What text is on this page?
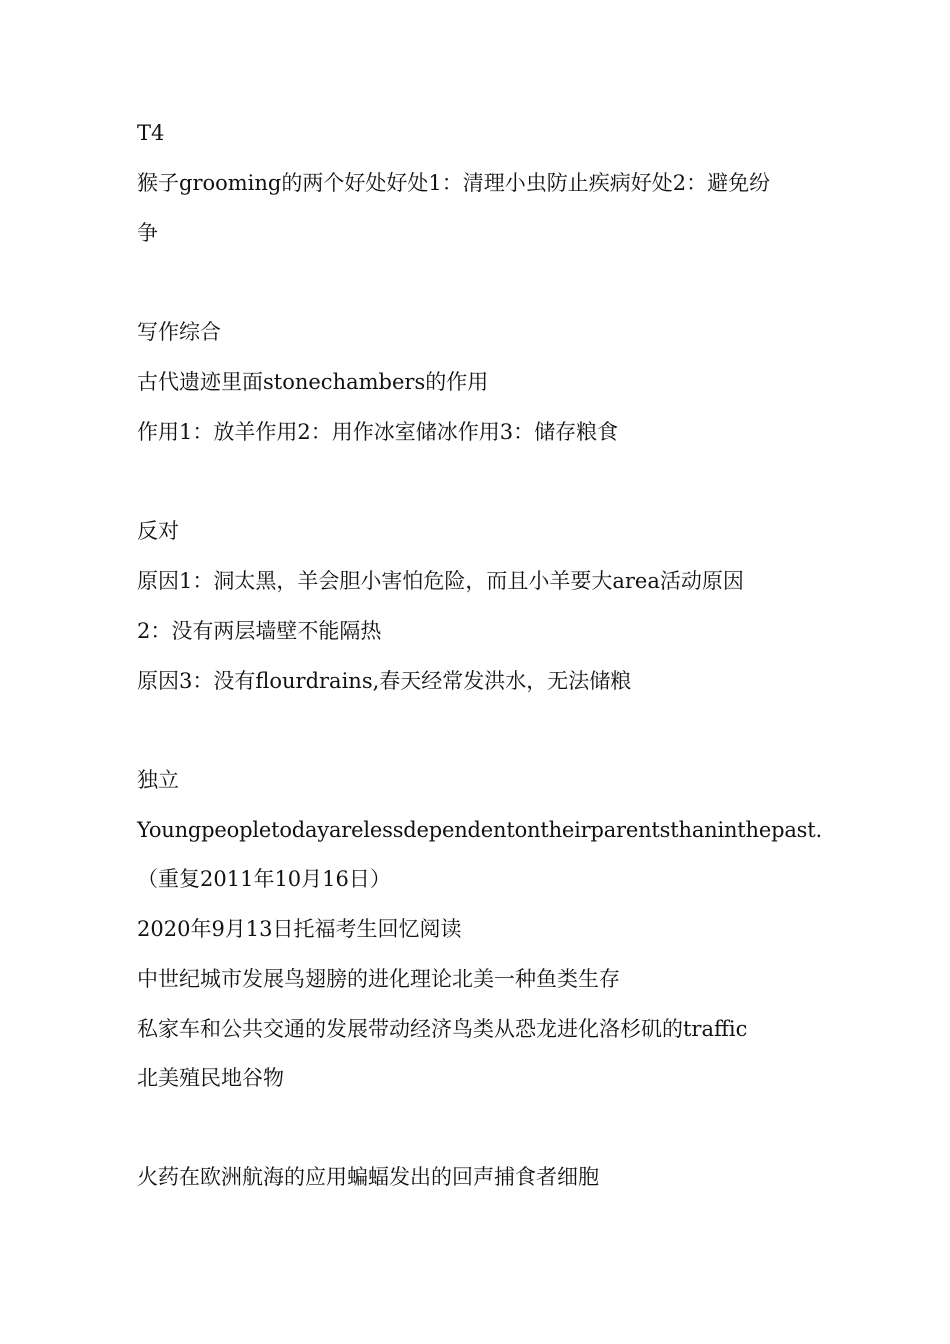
T4

猴子grooming的两个好处好处1：清理小虫防止疾病好处2：避免纷

争

写作综合

古代遗迹里面stonechambers的作用

作用1：放羊作用2：用作冰室储冰作用3：储存粮食

反对

原因1：洞太黑，羊会胆小害怕危险，而且小羊要大area活动原因

2：没有两层墙壁不能隔热

原因3：没有flourdrains,春天经常发洪水，无法储粮

独立

Youngpeopletodayarelessdependentontheirparentsthaninthepast.

（重复2011年10月16日）

2020年9月13日托福考生回忆阅读

中世纪城市发展鸟翅膀的进化理论北美一种鱼类生存

私家车和公共交通的发展带动经济鸟类从恐龙进化洛杉矶的traffic

北美殖民地谷物

火药在欧洲航海的应用蝙蝠发出的回声捕食者细胞
